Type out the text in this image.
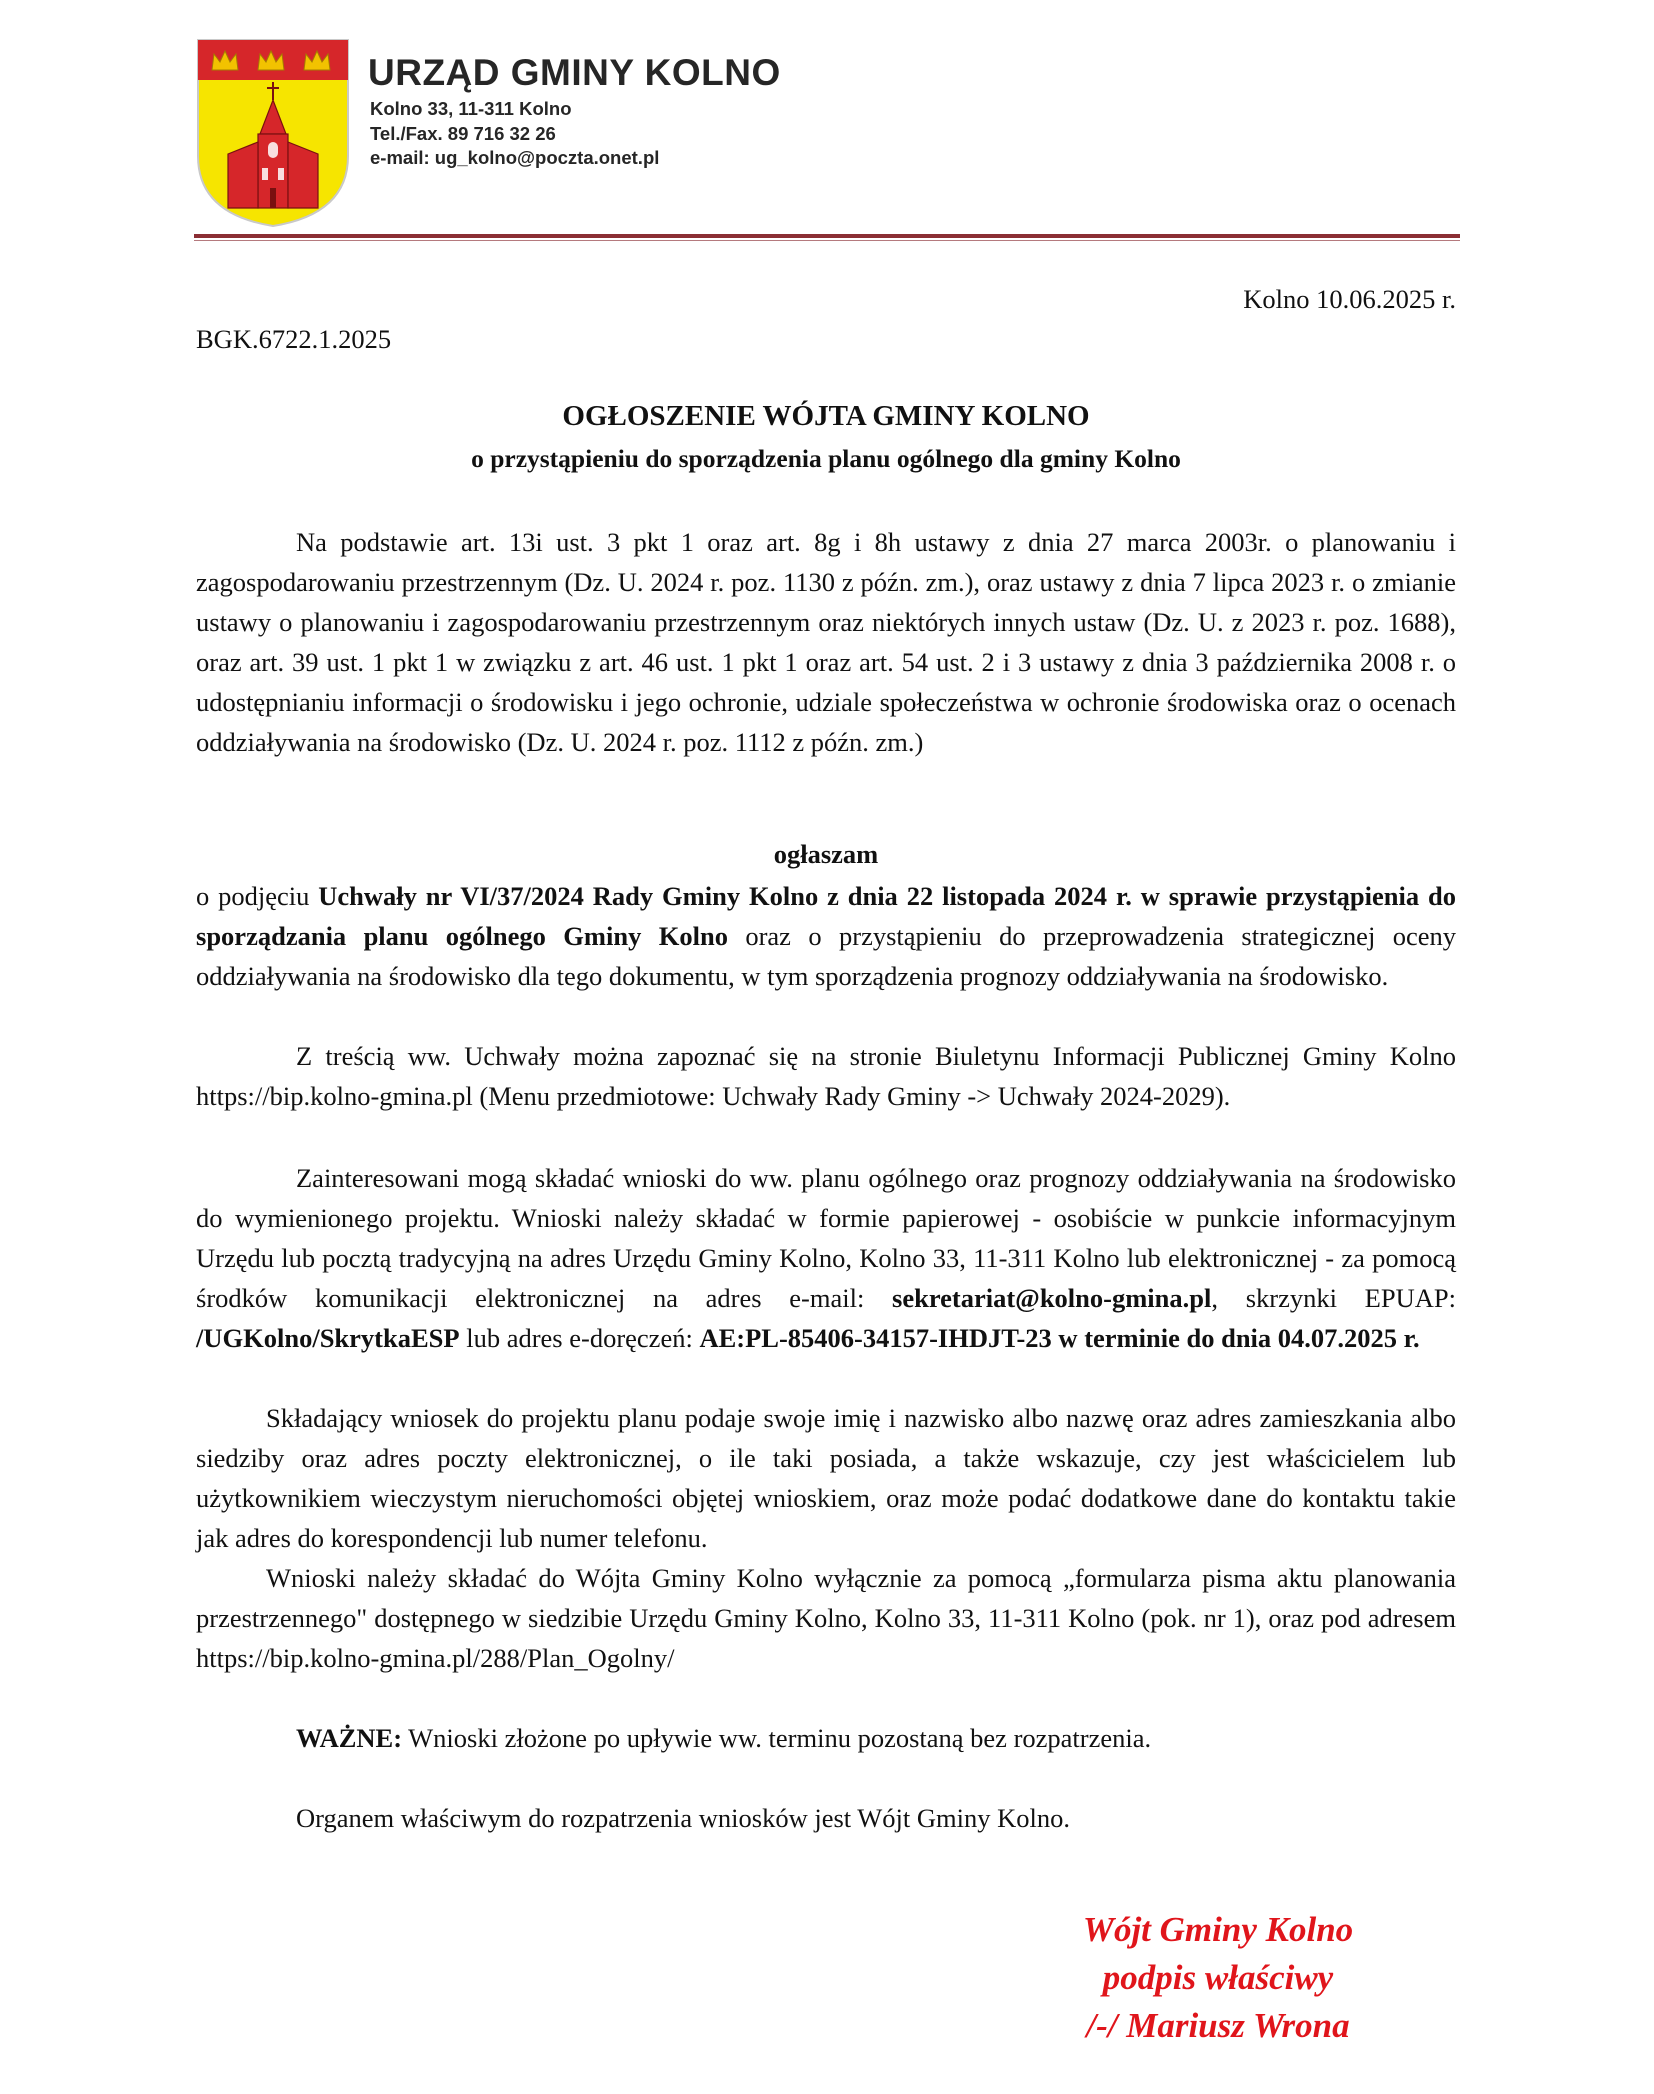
URZĄD GMINY KOLNO
Kolno 33, 11-311 Kolno
Tel./Fax. 89 716 32 26
e-mail: ug_kolno@poczta.onet.pl
Kolno 10.06.2025 r.
BGK.6722.1.2025
OGŁOSZENIE WÓJTA GMINY KOLNO
o przystąpieniu do sporządzenia planu ogólnego dla gminy Kolno

Na podstawie art. 13i ust. 3 pkt 1 oraz art. 8g i 8h ustawy z dnia 27 marca 2003r. o planowaniu i zagospodarowaniu przestrzennym (Dz. U. 2024 r. poz. 1130 z późn. zm.), oraz ustawy z dnia 7 lipca 2023 r. o zmianie ustawy o planowaniu i zagospodarowaniu przestrzennym oraz niektórych innych ustaw (Dz. U. z 2023 r. poz. 1688), oraz art. 39 ust. 1 pkt 1 w związku z art. 46 ust. 1 pkt 1 oraz art. 54 ust. 2 i 3 ustawy z dnia 3 października 2008 r. o udostępnianiu informacji o środowisku i jego ochronie, udziale społeczeństwa w ochronie środowiska oraz o ocenach oddziaływania na środowisko (Dz. U. 2024 r. poz. 1112 z późn. zm.)

ogłaszam

o podjęciu Uchwały nr VI/37/2024 Rady Gminy Kolno z dnia 22 listopada 2024 r. w sprawie przystąpienia do sporządzania planu ogólnego Gminy Kolno oraz o przystąpieniu do przeprowadzenia strategicznej oceny oddziaływania na środowisko dla tego dokumentu, w tym sporządzenia prognozy oddziaływania na środowisko.

Z treścią ww. Uchwały można zapoznać się na stronie Biuletynu Informacji Publicznej Gminy Kolno https://bip.kolno-gmina.pl (Menu przedmiotowe: Uchwały Rady Gminy -> Uchwały 2024-2029).

Zainteresowani mogą składać wnioski do ww. planu ogólnego oraz prognozy oddziaływania na środowisko do wymienionego projektu. Wnioski należy składać w formie papierowej - osobiście w punkcie informacyjnym Urzędu lub pocztą tradycyjną na adres Urzędu Gminy Kolno, Kolno 33, 11-311 Kolno lub elektronicznej - za pomocą środków komunikacji elektronicznej na adres e-mail: sekretariat@kolno-gmina.pl, skrzynki EPUAP: /UGKolno/SkrytkaESP lub adres e-doręczeń: AE:PL-85406-34157-IHDJT-23 w terminie do dnia 04.07.2025 r.

Składający wniosek do projektu planu podaje swoje imię i nazwisko albo nazwę oraz adres zamieszkania albo siedziby oraz adres poczty elektronicznej, o ile taki posiada, a także wskazuje, czy jest właścicielem lub użytkownikiem wieczystym nieruchomości objętej wnioskiem, oraz może podać dodatkowe dane do kontaktu takie jak adres do korespondencji lub numer telefonu.

Wnioski należy składać do Wójta Gminy Kolno wyłącznie za pomocą „formularza pisma aktu planowania przestrzennego" dostępnego w siedzibie Urzędu Gminy Kolno, Kolno 33, 11-311 Kolno (pok. nr 1), oraz pod adresem https://bip.kolno-gmina.pl/288/Plan_Ogolny/

WAŻNE: Wnioski złożone po upływie ww. terminu pozostaną bez rozpatrzenia.

Organem właściwym do rozpatrzenia wniosków jest Wójt Gminy Kolno.

Wójt Gminy Kolno
podpis właściwy
/-/ Mariusz Wrona
